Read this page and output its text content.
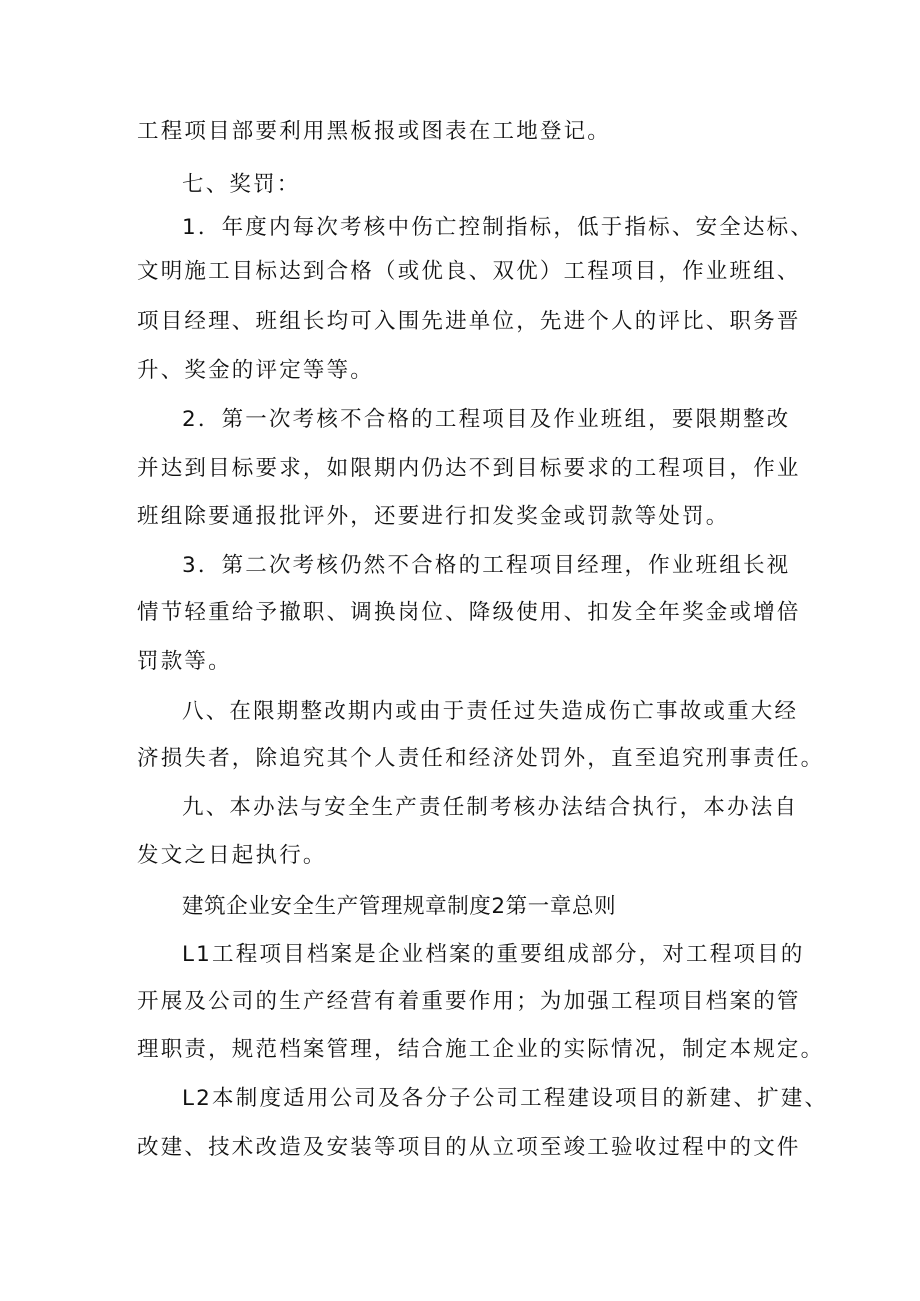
工程项目部要利用黑板报或图表在工地登记。
七、奖罚：
1．年度内每次考核中伤亡控制指标，低于指标、安全达标、
文明施工目标达到合格（或优良、双优）工程项目，作业班组、
项目经理、班组长均可入围先进单位，先进个人的评比、职务晋
升、奖金的评定等等。
2．第一次考核不合格的工程项目及作业班组，要限期整改
并达到目标要求，如限期内仍达不到目标要求的工程项目，作业
班组除要通报批评外，还要进行扣发奖金或罚款等处罚。
3．第二次考核仍然不合格的工程项目经理，作业班组长视
情节轻重给予撤职、调换岗位、降级使用、扣发全年奖金或增倍
罚款等。
八、在限期整改期内或由于责任过失造成伤亡事故或重大经
济损失者，除追究其个人责任和经济处罚外，直至追究刑事责任。
九、本办法与安全生产责任制考核办法结合执行，本办法自
发文之日起执行。
建筑企业安全生产管理规章制度2第一章总则
L1工程项目档案是企业档案的重要组成部分，对工程项目的
开展及公司的生产经营有着重要作用；为加强工程项目档案的管
理职责，规范档案管理，结合施工企业的实际情况，制定本规定。
L2本制度适用公司及各分子公司工程建设项目的新建、扩建、
改建、技术改造及安装等项目的从立项至竣工验收过程中的文件
